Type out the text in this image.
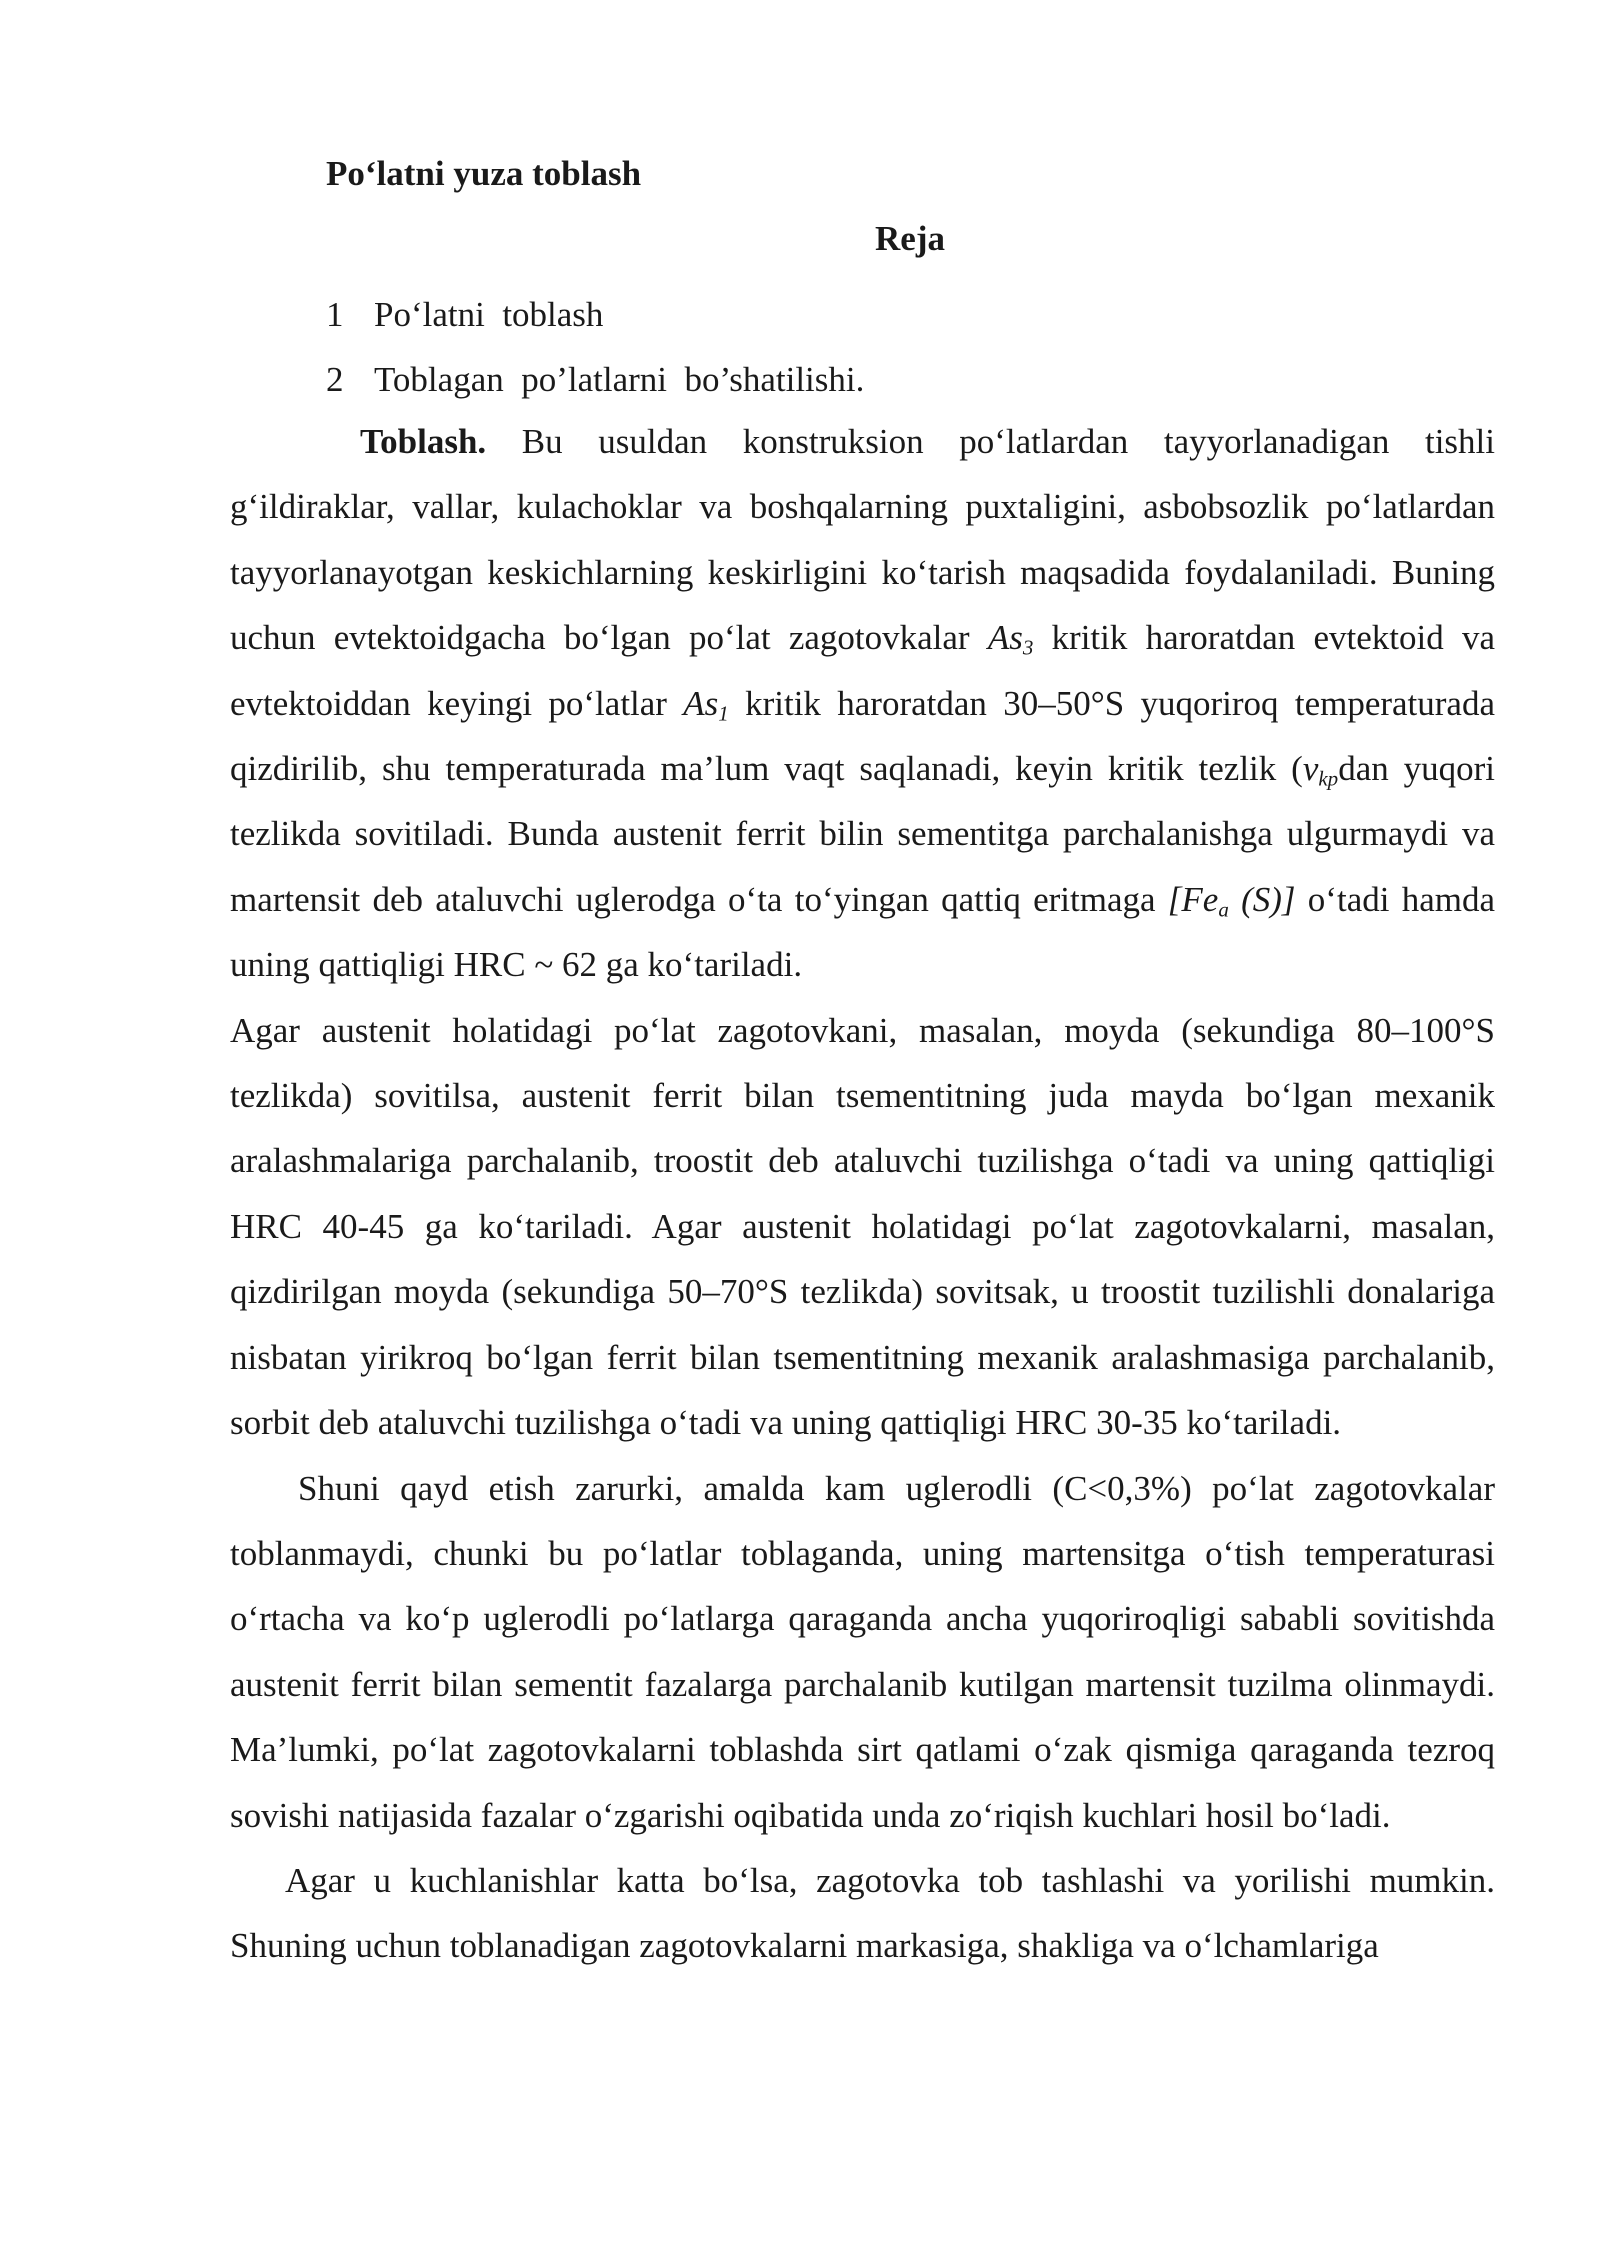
Po‘latni yuza toblash
Reja
1 Po‘latni  toblash
2 Toblagan  po’latlarni  bo’shatilishi.

Toblash. Bu usuldan konstruksion po‘latlardan tayyorlanadigan tishli g‘ildiraklar, vallar, kulachoklar va boshqalarning puxtaligini, asbobsozlik po‘latlardan tayyorlanayotgan keskichlarning keskirligini ko‘tarish maqsadida foydalaniladi. Buning uchun evtektoidgacha bo‘lgan po‘lat zagotovkalar $As_3$ kritik haroratdan evtektoid va evtektoiddan keyingi po‘latlar $As_1$ kritik haroratdan 30–50°S yuqoriroq temperaturada qizdirilib, shu temperaturada ma’lum vaqt saqlanadi, keyin kritik tezlik ($v_{kp}dan$ yuqori tezlikda sovitiladi. Bunda austenit ferrit bilin sementitga parchalanishga ulgurmaydi va martensit deb ataluvchi uglerodga o‘ta to‘yingan qattiq eritmaga [$Fe_a$ (S)] o‘tadi hamda uning qattiqligi HRC ~ 62 ga ko‘tariladi.

Agar austenit holatidagi po‘lat zagotovkani, masalan, moyda (sekundiga 80–100°S tezlikda) sovitilsa, austenit ferrit bilan tsementitning juda mayda bo‘lgan mexanik aralashmalariga parchalanib, troostit deb ataluvchi tuzilishga o‘tadi va uning qattiqligi HRC 40-45 ga ko‘tariladi. Agar austenit holatidagi po‘lat zagotovkalarni, masalan, qizdirilgan moyda (sekundiga 50–70°S tezlikda) sovitsak, u troostit tuzilishli donalariga nisbatan yirikroq bo‘lgan ferrit bilan tsementitning mexanik aralashmasiga parchalanib, sorbit deb ataluvchi tuzilishga o‘tadi va uning qattiqligi HRC 30-35 ko‘tariladi.

Shuni qayd etish zarurki, amalda kam uglerodli (C<0,3%) po‘lat zagotovkalar toblanmaydi, chunki bu po‘latlar toblaganda, uning martensitga o‘tish temperaturasi o‘rtacha va ko‘p uglerodli po‘latlarga qaraganda ancha yuqoriroqligi sababli sovitishda austenit ferrit bilan sementit fazalarga parchalanib kutilgan martensit tuzilma olinmaydi. Ma’lumki, po‘lat zagotovkalarni toblashda sirt qatlami o‘zak qismiga qaraganda tezroq sovishi natijasida fazalar o‘zgarishi oqibatida unda zo‘riqish kuchlari hosil bo‘ladi.

Agar u kuchlanishlar katta bo‘lsa, zagotovka tob tashlashi va yorilishi mumkin. Shuning uchun toblanadigan zagotovkalarni markasiga, shakliga va o‘lchamlariga
